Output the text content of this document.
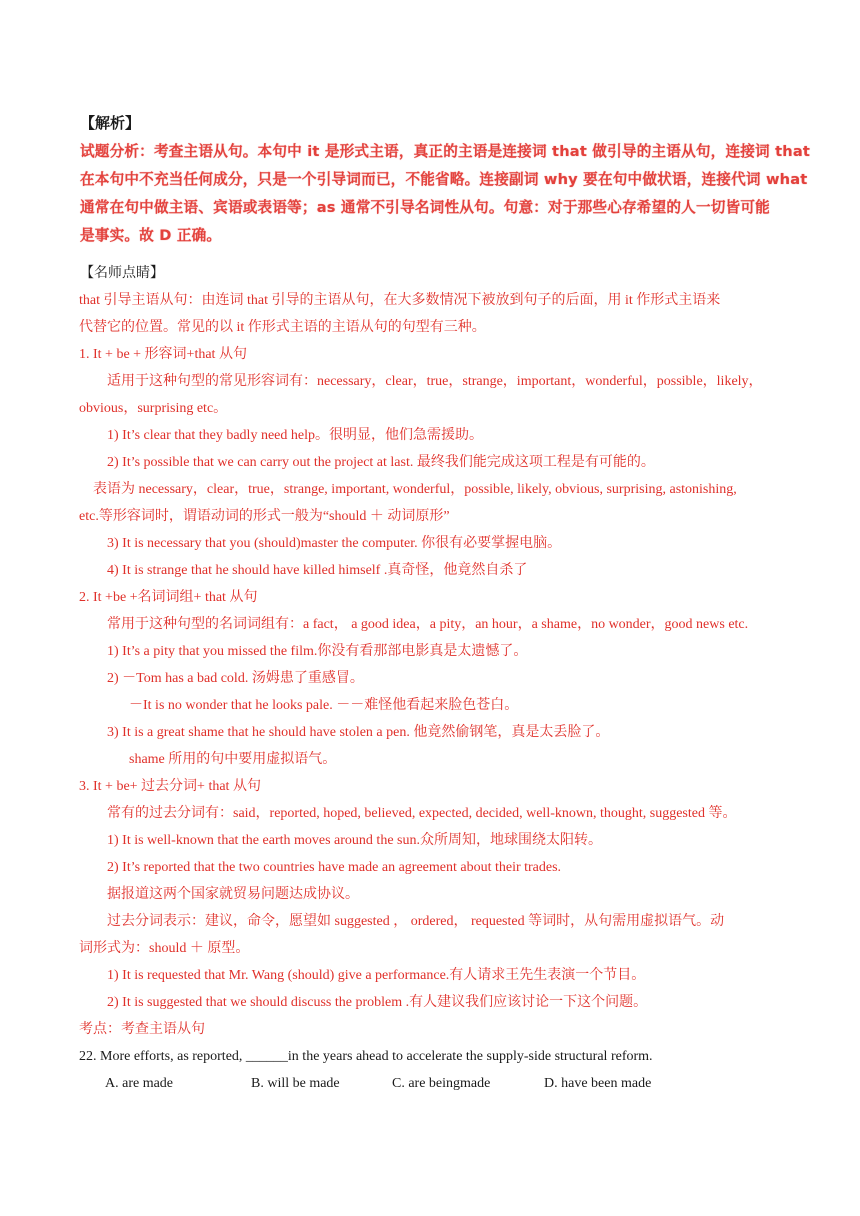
【解析】
试题分析：考查主语从句。本句中 it 是形式主语，真正的主语是连接词 that 做引导的主语从句，连接词 that
在本句中不充当任何成分，只是一个引导词而已，不能省略。连接副词 why 要在句中做状语，连接代词 what
通常在句中做主语、宾语或表语等；as 通常不引导名词性从句。句意：对于那些心存希望的人一切皆可能
是事实。故 D 正确。
【名师点睛】
that 引导主语从句：由连词 that 引导的主语从句，在大多数情况下被放到句子的后面，用 it 作形式主语来
代替它的位置。常见的以 it 作形式主语的主语从句的句型有三种。
1. It + be + 形容词+that 从句
适用于这种句型的常见形容词有：necessary，clear，true，strange，important，wonderful，possible，likely，
obvious，surprising etc。
1) It’s clear that they badly need help。很明显，他们急需援助。
2) It’s possible that we can carry out the project at last. 最终我们能完成这项工程是有可能的。
表语为 necessary，clear，true，strange, important, wonderful，possible, likely, obvious, surprising, astonishing,
etc.等形容词时，谓语动词的形式一般为“should ＋ 动词原形”
3) It is necessary that you (should)master the computer. 你很有必要掌握电脑。
4) It is strange that he should have killed himself .真奇怪，他竟然自杀了
2. It +be +名词词组+ that 从句
常用于这种句型的名词词组有：a fact， a good idea，a pity，an hour，a shame，no wonder，good news etc.
1) It’s a pity that you missed the film.你没有看那部电影真是太遗憾了。
2) －Tom has a bad cold. 汤姆患了重感冒。
－It is no wonder that he looks pale. －－难怪他看起来脸色苍白。
3) It is a great shame that he should have stolen a pen. 他竟然偷钢笔，真是太丢脸了。
shame 所用的句中要用虚拟语气。
3. It + be+ 过去分词+ that 从句
常有的过去分词有：said，reported, hoped, believed, expected, decided, well-known, thought, suggested 等。
1) It is well-known that the earth moves around the sun.众所周知，地球围绕太阳转。
2) It’s reported that the two countries have made an agreement about their trades.
据报道这两个国家就贸易问题达成协议。
过去分词表示：建议，命令，愿望如 suggested ， ordered， requested 等词时，从句需用虚拟语气。动
词形式为：should ＋ 原型。
1) It is requested that Mr. Wang (should) give a performance.有人请求王先生表演一个节目。
2) It is suggested that we should discuss the problem .有人建议我们应该讨论一下这个问题。
考点：考查主语从句
22. More efforts, as reported, ______in the years ahead to accelerate the supply-side structural reform.
A. are made	B. will be made	C. are beingmade	D. have been made
